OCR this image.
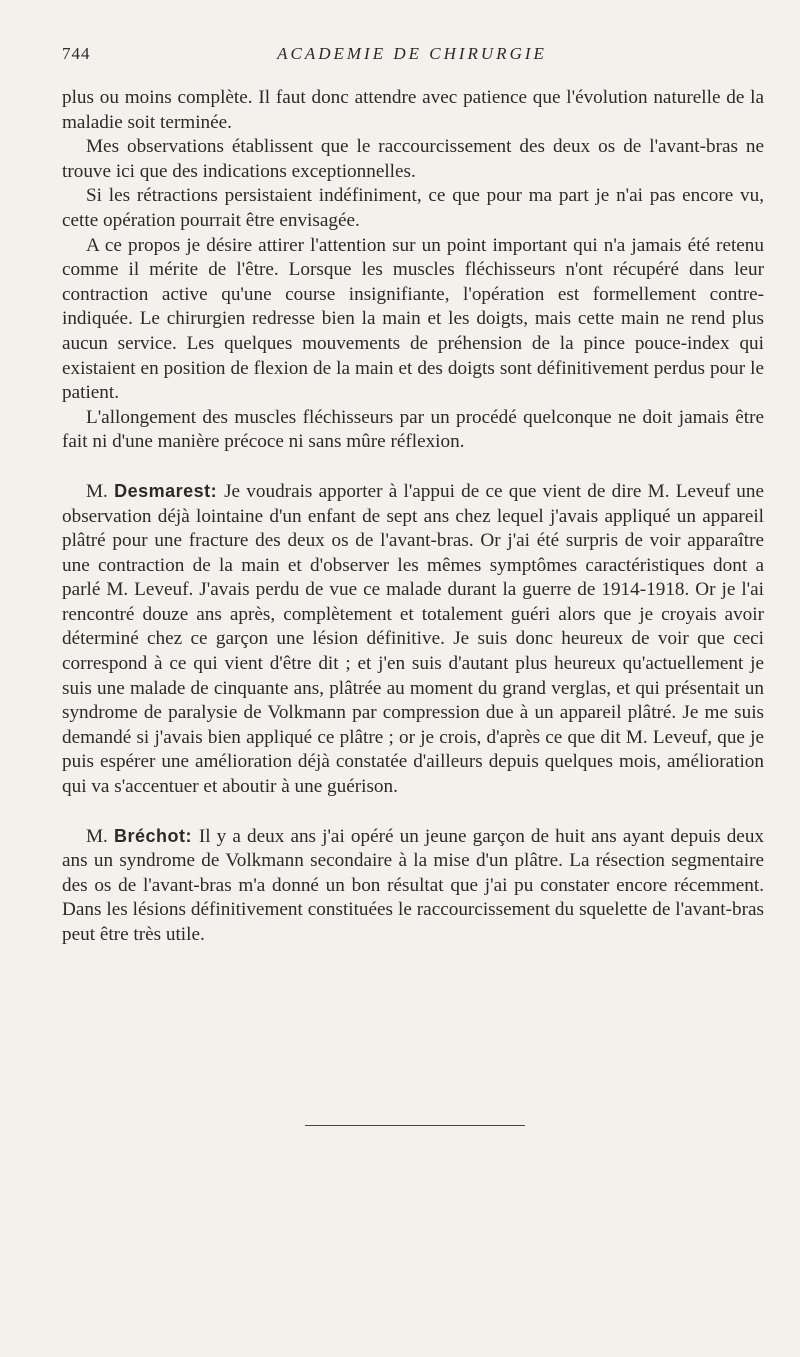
744	ACADEMIE DE CHIRURGIE

plus ou moins complète. Il faut donc attendre avec patience que l'évolution naturelle de la maladie soit terminée.

Mes observations établissent que le raccourcissement des deux os de l'avant-bras ne trouve ici que des indications exceptionnelles.

Si les rétractions persistaient indéfiniment, ce que pour ma part je n'ai pas encore vu, cette opération pourrait être envisagée.

A ce propos je désire attirer l'attention sur un point important qui n'a jamais été retenu comme il mérite de l'être. Lorsque les muscles fléchisseurs n'ont récupéré dans leur contraction active qu'une course insignifiante, l'opération est formellement contre-indiquée. Le chirurgien redresse bien la main et les doigts, mais cette main ne rend plus aucun service. Les quelques mouvements de préhension de la pince pouce-index qui existaient en position de flexion de la main et des doigts sont définitivement perdus pour le patient.

L'allongement des muscles fléchisseurs par un procédé quelconque ne doit jamais être fait ni d'une manière précoce ni sans mûre réflexion.

M. Desmarest: Je voudrais apporter à l'appui de ce que vient de dire M. Leveuf une observation déjà lointaine d'un enfant de sept ans chez lequel j'avais appliqué un appareil plâtré pour une fracture des deux os de l'avant-bras. Or j'ai été surpris de voir apparaître une contraction de la main et d'observer les mêmes symptômes caractéristiques dont a parlé M. Leveuf. J'avais perdu de vue ce malade durant la guerre de 1914-1918. Or je l'ai rencontré douze ans après, complètement et totalement guéri alors que je croyais avoir déterminé chez ce garçon une lésion définitive. Je suis donc heureux de voir que ceci correspond à ce qui vient d'être dit ; et j'en suis d'autant plus heureux qu'actuellement je suis une malade de cinquante ans, plâtrée au moment du grand verglas, et qui présentait un syndrome de paralysie de Volkmann par compression due à un appareil plâtré. Je me suis demandé si j'avais bien appliqué ce plâtre ; or je crois, d'après ce que dit M. Leveuf, que je puis espérer une amélioration déjà constatée d'ailleurs depuis quelques mois, amélioration qui va s'accentuer et aboutir à une guérison.

M. Bréchot: Il y a deux ans j'ai opéré un jeune garçon de huit ans ayant depuis deux ans un syndrome de Volkmann secondaire à la mise d'un plâtre. La résection segmentaire des os de l'avant-bras m'a donné un bon résultat que j'ai pu constater encore récemment. Dans les lésions définitivement constituées le raccourcissement du squelette de l'avant-bras peut être très utile.
